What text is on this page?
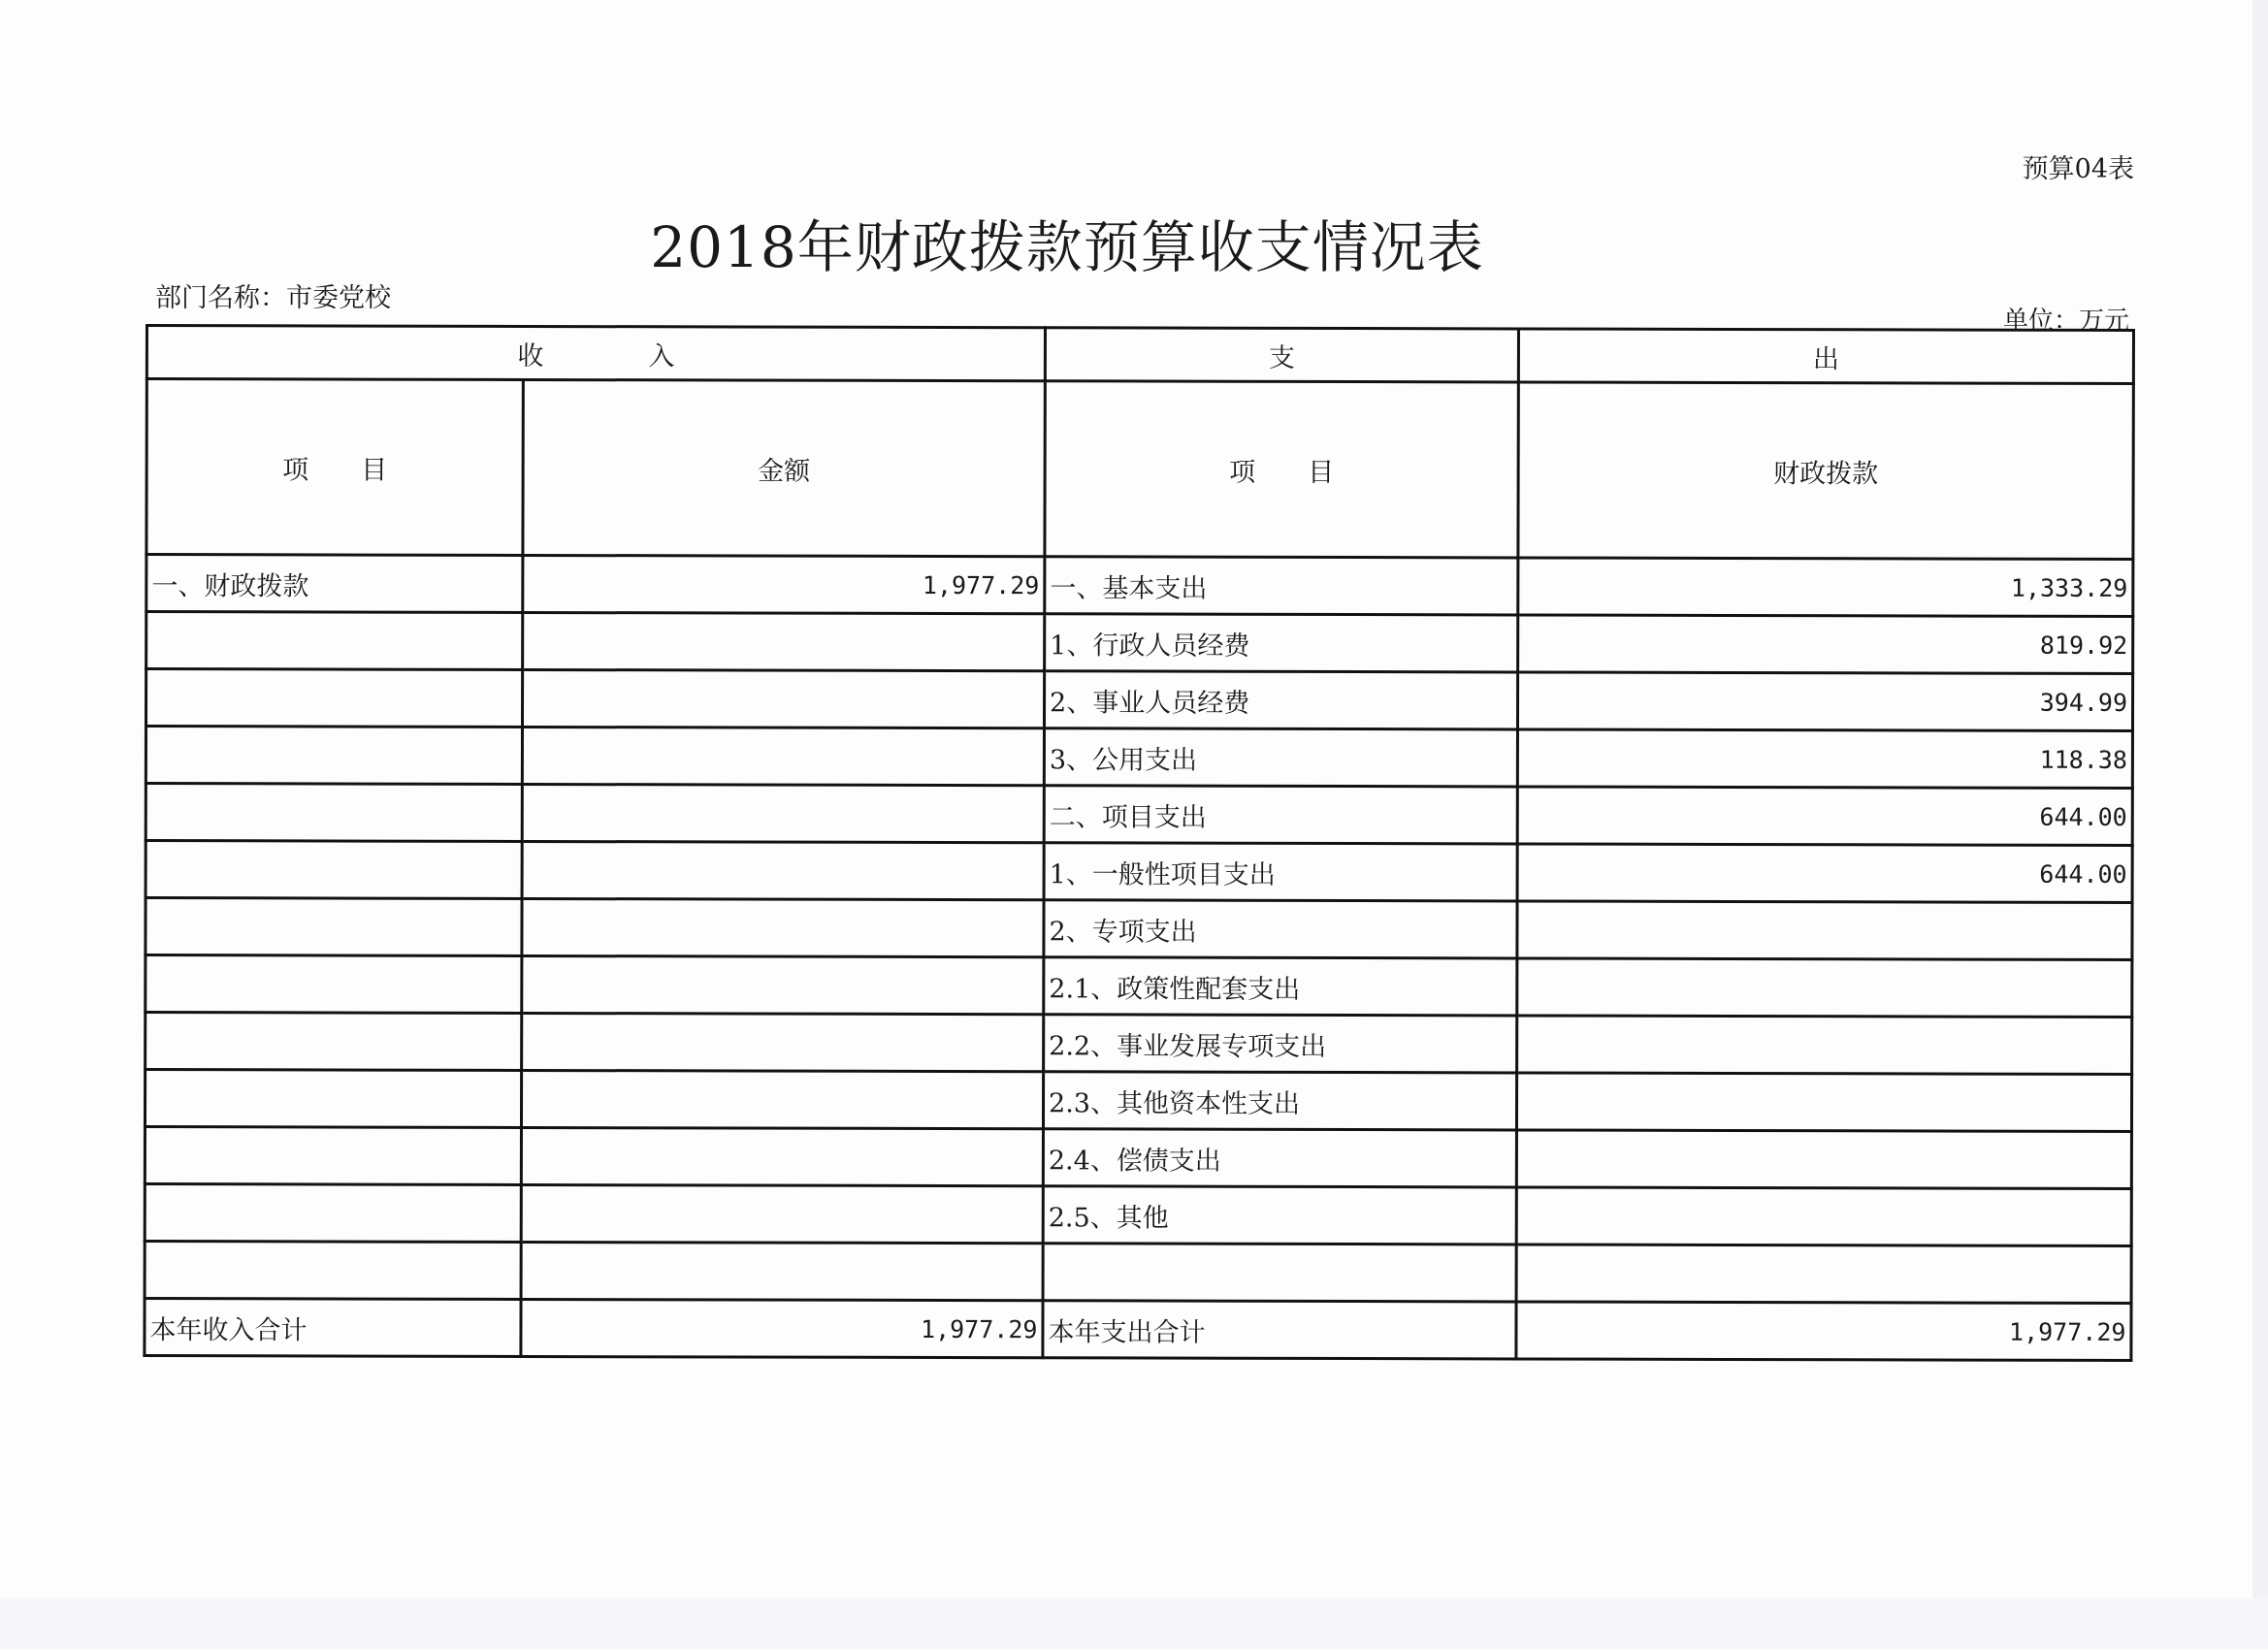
预算04表
2018年财政拨款预算收支情况表
部门名称：市委党校
单位：万元
收　　　　入		支	出
项　　目	金额	项　　目	财政拨款
一、财政拨款	1,977.29	一、基本支出	1,333.29
		1、行政人员经费	819.92
		2、事业人员经费	394.99
		3、公用支出	118.38
		二、项目支出	644.00
		1、一般性项目支出	644.00
		2、专项支出	
		2.1、政策性配套支出	
		2.2、事业发展专项支出	
		2.3、其他资本性支出	
		2.4、偿债支出	
		2.5、其他	

本年收入合计	1,977.29	本年支出合计	1,977.29
